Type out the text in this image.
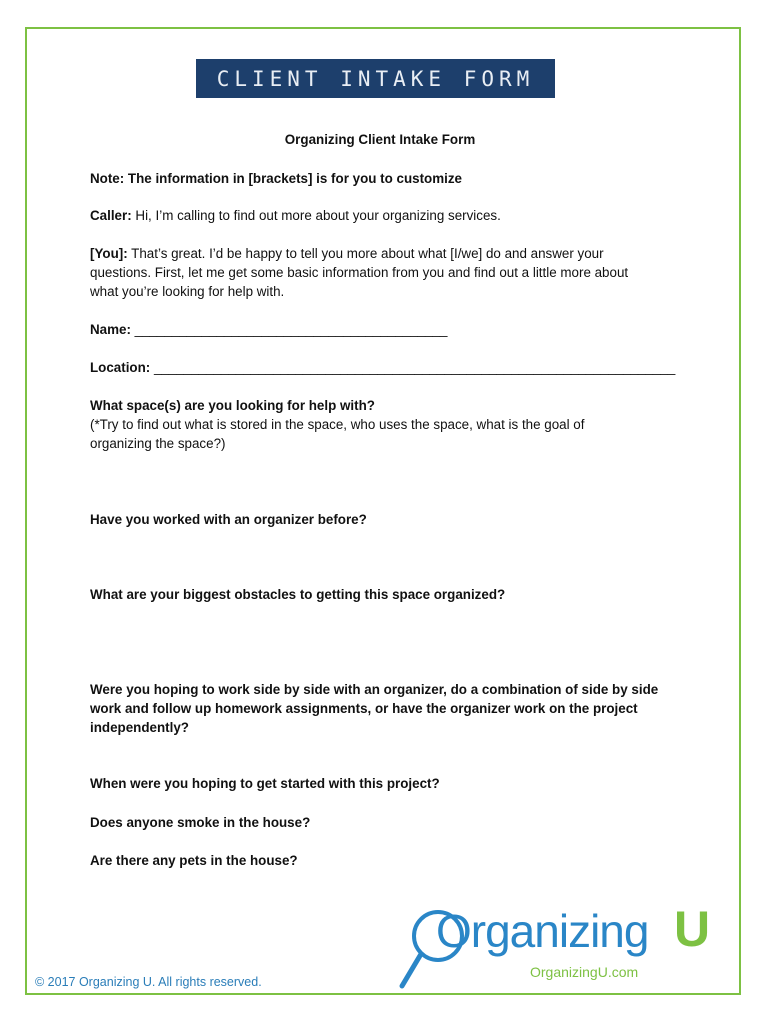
CLIENT INTAKE FORM
Organizing Client Intake Form
Note: The information in [brackets] is for you to customize
Caller: Hi, I’m calling to find out more about your organizing services.
[You]: That’s great. I’d be happy to tell you more about what [I/we] do and answer your
questions. First, let me get some basic information from you and find out a little more about
what you’re looking for help with.
Name: __________________________________________
Location: ______________________________________________________________________
What space(s) are you looking for help with?
(*Try to find out what is stored in the space, who uses the space, what is the goal of
organizing the space?)
Have you worked with an organizer before?
What are your biggest obstacles to getting this space organized?
Were you hoping to work side by side with an organizer, do a combination of side by side
work and follow up homework assignments, or have the organizer work on the project
independently?
When were you hoping to get started with this project?
Does anyone smoke in the house?
Are there any pets in the house?
© 2017 Organizing U. All rights reserved.
Organizing U
OrganizingU.com
